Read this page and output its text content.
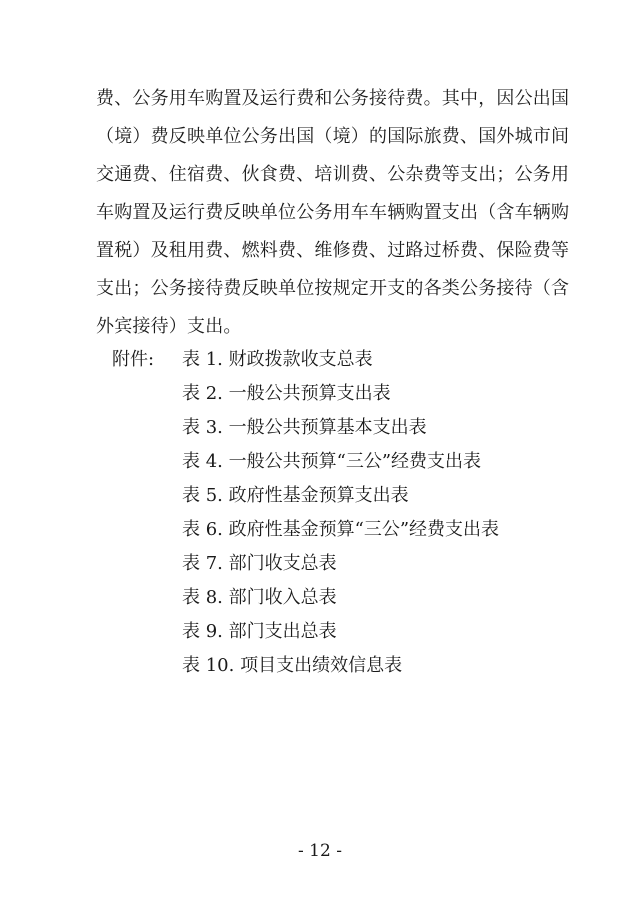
费、公务用车购置及运行费和公务接待费。其中，因公出国
（境）费反映单位公务出国（境）的国际旅费、国外城市间
交通费、住宿费、伙食费、培训费、公杂费等支出；公务用
车购置及运行费反映单位公务用车车辆购置支出（含车辆购
置税）及租用费、燃料费、维修费、过路过桥费、保险费等
支出；公务接待费反映单位按规定开支的各类公务接待（含
外宾接待）支出。
附件: 表 1. 财政拨款收支总表
表 2. 一般公共预算支出表
表 3. 一般公共预算基本支出表
表 4. 一般公共预算“三公”经费支出表
表 5. 政府性基金预算支出表
表 6. 政府性基金预算“三公”经费支出表
表 7. 部门收支总表
表 8. 部门收入总表
表 9. 部门支出总表
表 10. 项目支出绩效信息表
- 12 -
